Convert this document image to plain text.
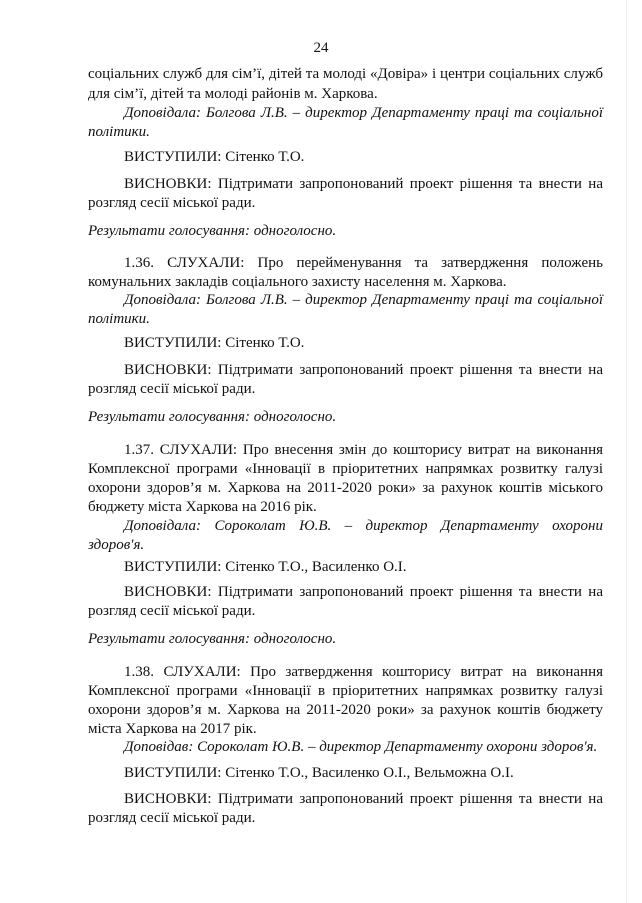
24
соціальних служб для сім’ї, дітей та молоді «Довіра» і центри соціальних служб
для сім’ї, дітей та молоді районів м. Харкова.
Доповідала: Болгова Л.В. – директор Департаменту праці та соціальної
політики.
ВИСТУПИЛИ: Сітенко Т.О.
ВИСНОВКИ: Підтримати запропонований проект рішення та внести на
розгляд сесії міської ради.
Результати голосування: одноголосно.
1.36. СЛУХАЛИ: Про перейменування та затвердження положень
комунальних закладів соціального захисту населення м. Харкова.
Доповідала: Болгова Л.В. – директор Департаменту праці та соціальної
політики.
ВИСТУПИЛИ: Сітенко Т.О.
ВИСНОВКИ: Підтримати запропонований проект рішення та внести на
розгляд сесії міської ради.
Результати голосування: одноголосно.
1.37. СЛУХАЛИ: Про внесення змін до кошторису витрат на виконання
Комплексної програми «Інновації в пріоритетних напрямках розвитку галузі
охорони здоров’я м. Харкова на 2011-2020 роки» за рахунок коштів міського
бюджету міста Харкова на 2016 рік.
Доповідала: Сороколат Ю.В. – директор Департаменту охорони
здоров'я.
ВИСТУПИЛИ: Сітенко Т.О., Василенко О.І.
ВИСНОВКИ: Підтримати запропонований проект рішення та внести на
розгляд сесії міської ради.
Результати голосування: одноголосно.
1.38. СЛУХАЛИ: Про затвердження кошторису витрат на виконання
Комплексної програми «Інновації в пріоритетних напрямках розвитку галузі
охорони здоров’я м. Харкова на 2011-2020 роки» за рахунок коштів бюджету
міста Харкова на 2017 рік.
Доповідав: Сороколат Ю.В. – директор Департаменту охорони здоров'я.
ВИСТУПИЛИ: Сітенко Т.О., Василенко О.І., Вельможна О.І.
ВИСНОВКИ: Підтримати запропонований проект рішення та внести на
розгляд сесії міської ради.
